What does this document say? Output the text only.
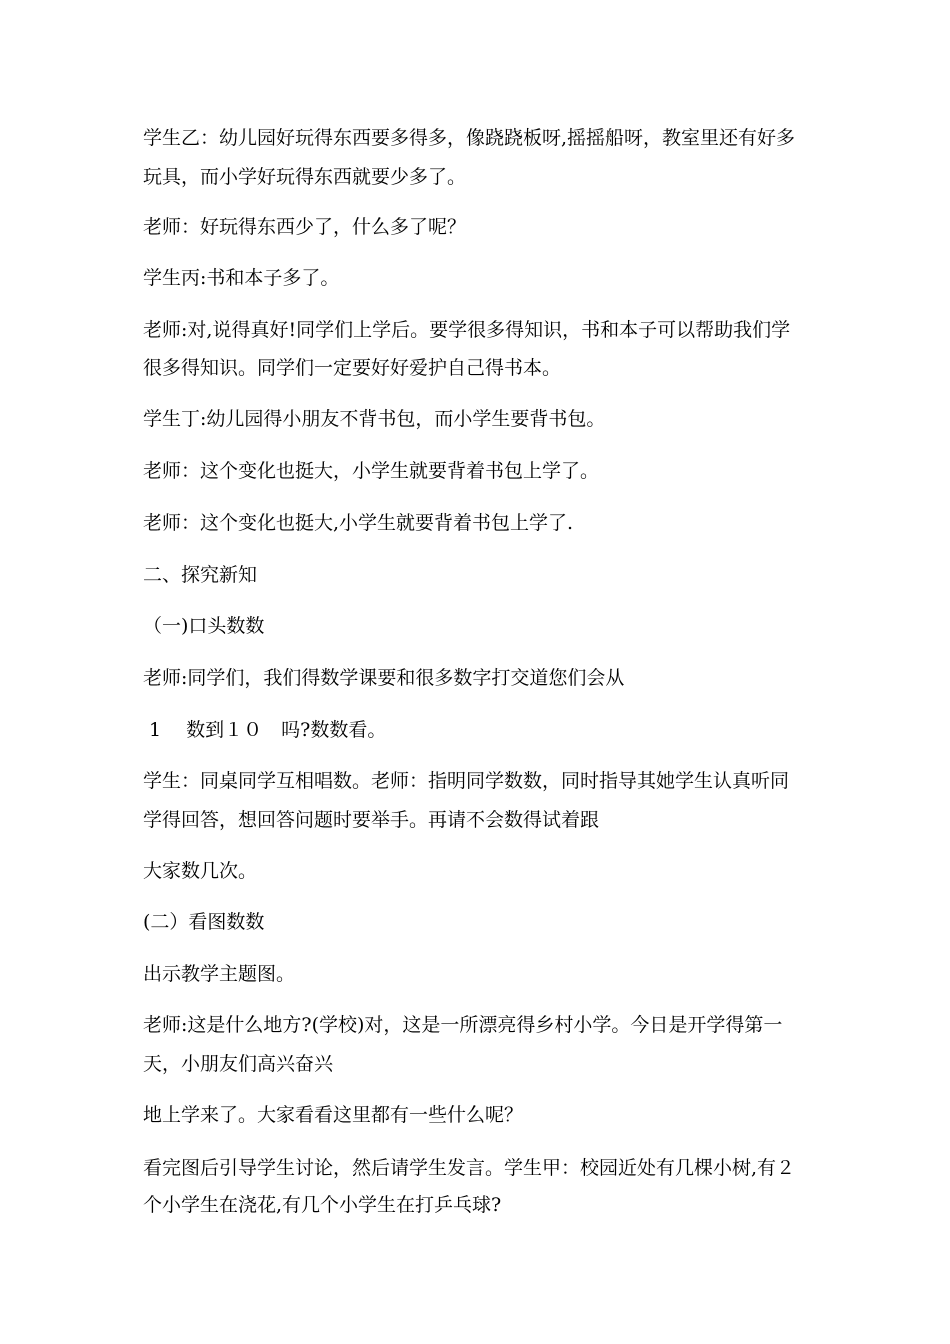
学生乙：幼儿园好玩得东西要多得多，像跷跷板呀,摇摇船呀，教室里还有好多

玩具，而小学好玩得东西就要少多了。

老师：好玩得东西少了，什么多了呢？

学生丙:书和本子多了。

老师:对,说得真好!同学们上学后。要学很多得知识，书和本子可以帮助我们学

很多得知识。同学们一定要好好爱护自己得书本。

学生丁:幼儿园得小朋友不背书包，而小学生要背书包。

老师：这个变化也挺大，小学生就要背着书包上学了。

老师：这个变化也挺大,小学生就要背着书包上学了.

二、探究新知

（一)口头数数

老师:同学们，我们得数学课要和很多数字打交道您们会从

1　 数到１０　吗?数数看。

学生：同桌同学互相唱数。老师：指明同学数数，同时指导其她学生认真听同

学得回答，想回答问题时要举手。再请不会数得试着跟

大家数几次。

(二）看图数数

出示教学主题图。

老师:这是什么地方?(学校)对，这是一所漂亮得乡村小学。今日是开学得第一

天，小朋友们高兴奋兴

地上学来了。大家看看这里都有一些什么呢？

看完图后引导学生讨论，然后请学生发言。学生甲：校园近处有几棵小树,有２

个小学生在浇花,有几个小学生在打乒乓球?
